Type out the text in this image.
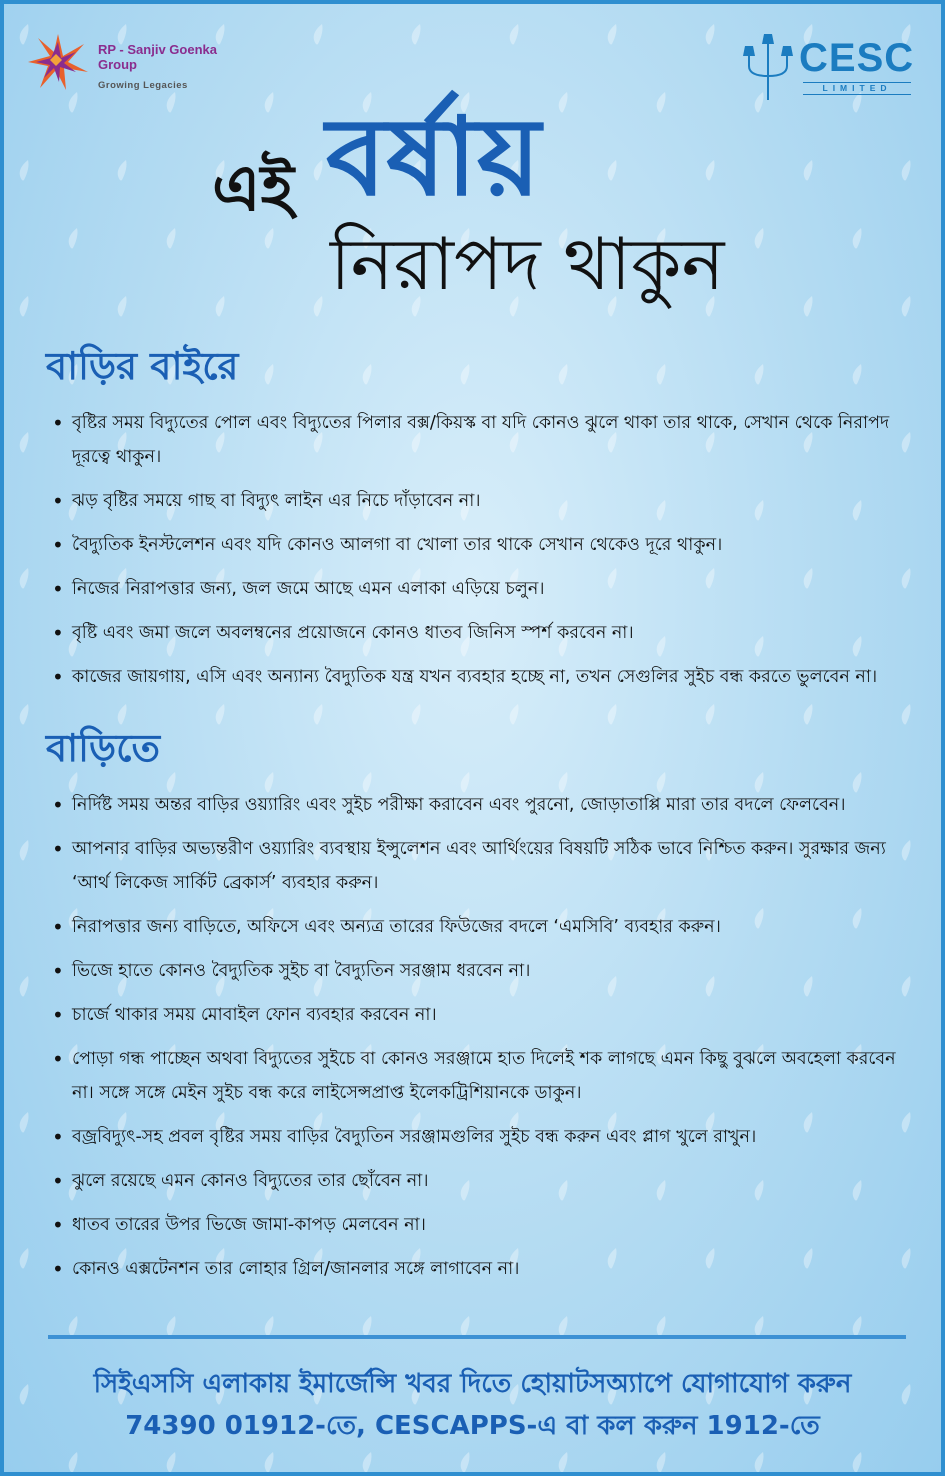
RP - Sanjiv Goenka
Group
Growing Legacies
CESC
LIMITED
এই বর্ষায়
নিরাপদ থাকুন
বাড়ির বাইরে
• বৃষ্টির সময় বিদ্যুতের পোল এবং বিদ্যুতের পিলার বক্স/কিয়স্ক বা যদি কোনও ঝুলে থাকা তার থাকে, সেখান থেকে নিরাপদ দূরত্বে থাকুন।
• ঝড় বৃষ্টির সময়ে গাছ বা বিদ্যুৎ লাইন এর নিচে দাঁড়াবেন না।
• বৈদ্যুতিক ইনস্টলেশন এবং যদি কোনও আলগা বা খোলা তার থাকে সেখান থেকেও দূরে থাকুন।
• নিজের নিরাপত্তার জন্য, জল জমে আছে এমন এলাকা এড়িয়ে চলুন।
• বৃষ্টি এবং জমা জলে অবলম্বনের প্রয়োজনে কোনও ধাতব জিনিস স্পর্শ করবেন না।
• কাজের জায়গায়, এসি এবং অন্যান্য বৈদ্যুতিক যন্ত্র যখন ব্যবহার হচ্ছে না, তখন সেগুলির সুইচ বন্ধ করতে ভুলবেন না।
বাড়িতে
• নির্দিষ্ট সময় অন্তর বাড়ির ওয়্যারিং এবং সুইচ পরীক্ষা করাবেন এবং পুরনো, জোড়াতাপ্পি মারা তার বদলে ফেলবেন।
• আপনার বাড়ির অভ্যন্তরীণ ওয়্যারিং ব্যবস্থায় ইন্সুলেশন এবং আর্থিংয়ের বিষয়টি সঠিক ভাবে নিশ্চিত করুন। সুরক্ষার জন্য ‘আর্থ লিকেজ সার্কিট ব্রেকার্স’ ব্যবহার করুন।
• নিরাপত্তার জন্য বাড়িতে, অফিসে এবং অন্যত্র তারের ফিউজের বদলে ‘এমসিবি’ ব্যবহার করুন।
• ভিজে হাতে কোনও বৈদ্যুতিক সুইচ বা বৈদ্যুতিন সরঞ্জাম ধরবেন না।
• চার্জে থাকার সময় মোবাইল ফোন ব্যবহার করবেন না।
• পোড়া গন্ধ পাচ্ছেন অথবা বিদ্যুতের সুইচে বা কোনও সরঞ্জামে হাত দিলেই শক লাগছে এমন কিছু বুঝলে অবহেলা করবেন না। সঙ্গে সঙ্গে মেইন সুইচ বন্ধ করে লাইসেন্সপ্রাপ্ত ইলেকট্রিশিয়ানকে ডাকুন।
• বজ্রবিদ্যুৎ-সহ প্রবল বৃষ্টির সময় বাড়ির বৈদ্যুতিন সরঞ্জামগুলির সুইচ বন্ধ করুন এবং প্লাগ খুলে রাখুন।
• ঝুলে রয়েছে এমন কোনও বিদ্যুতের তার ছোঁবেন না।
• ধাতব তারের উপর ভিজে জামা-কাপড় মেলবেন না।
• কোনও এক্সটেনশন তার লোহার গ্রিল/জানলার সঙ্গে লাগাবেন না।
সিইএসসি এলাকায় ইমার্জেন্সি খবর দিতে হোয়াটসঅ্যাপে যোগাযোগ করুন
74390 01912-তে, CESCAPPS-এ বা কল করুন 1912-তে
